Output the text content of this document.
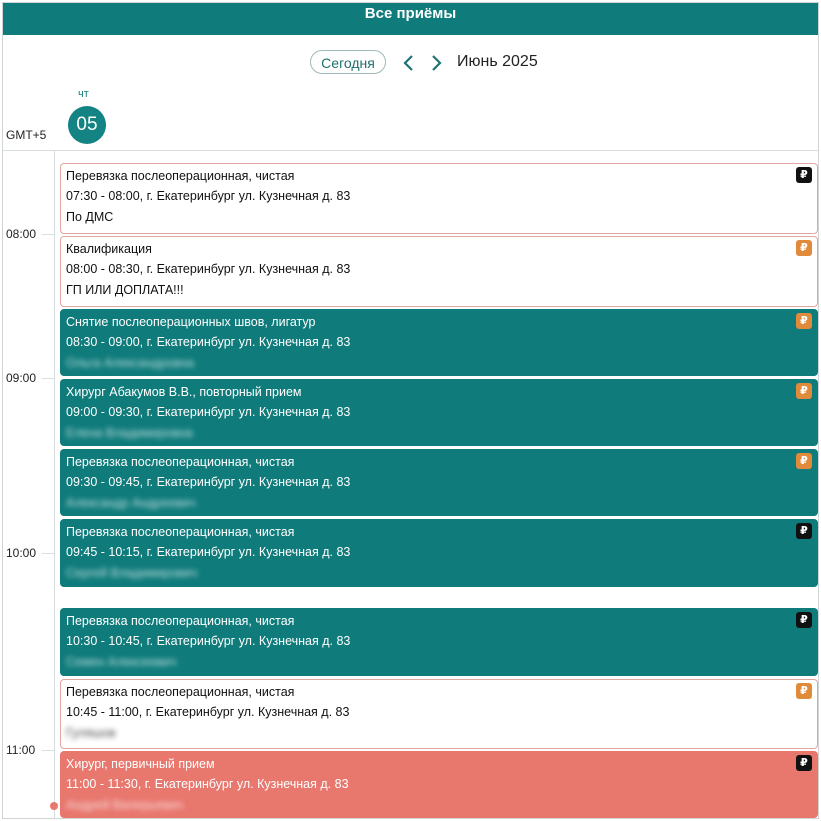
Все приёмы
Сегодня	Июнь 2025
чт
05
GMT+5
08:00
09:00
10:00
11:00
Перевязка послеоперационная, чистая
07:30 - 08:00, г. Екатеринбург ул. Кузнечная д. 83
По ДМС
₽
Квалификация
08:00 - 08:30, г. Екатеринбург ул. Кузнечная д. 83
ГП ИЛИ ДОПЛАТА!!!
₽
Снятие послеоперационных швов, лигатур
08:30 - 09:00, г. Екатеринбург ул. Кузнечная д. 83
Ольга Александровна
₽
Хирург Абакумов В.В., повторный прием
09:00 - 09:30, г. Екатеринбург ул. Кузнечная д. 83
Елена Владимировна
₽
Перевязка послеоперационная, чистая
09:30 - 09:45, г. Екатеринбург ул. Кузнечная д. 83
Александр Андреевич
₽
Перевязка послеоперационная, чистая
09:45 - 10:15, г. Екатеринбург ул. Кузнечная д. 83
Сергей Владимирович
₽
Перевязка послеоперационная, чистая
10:30 - 10:45, г. Екатеринбург ул. Кузнечная д. 83
Семен Алексеевич
₽
Перевязка послеоперационная, чистая
10:45 - 11:00, г. Екатеринбург ул. Кузнечная д. 83
Гуляшов
₽
Хирург, первичный прием
11:00 - 11:30, г. Екатеринбург ул. Кузнечная д. 83
Андрей Валерьевич
₽
